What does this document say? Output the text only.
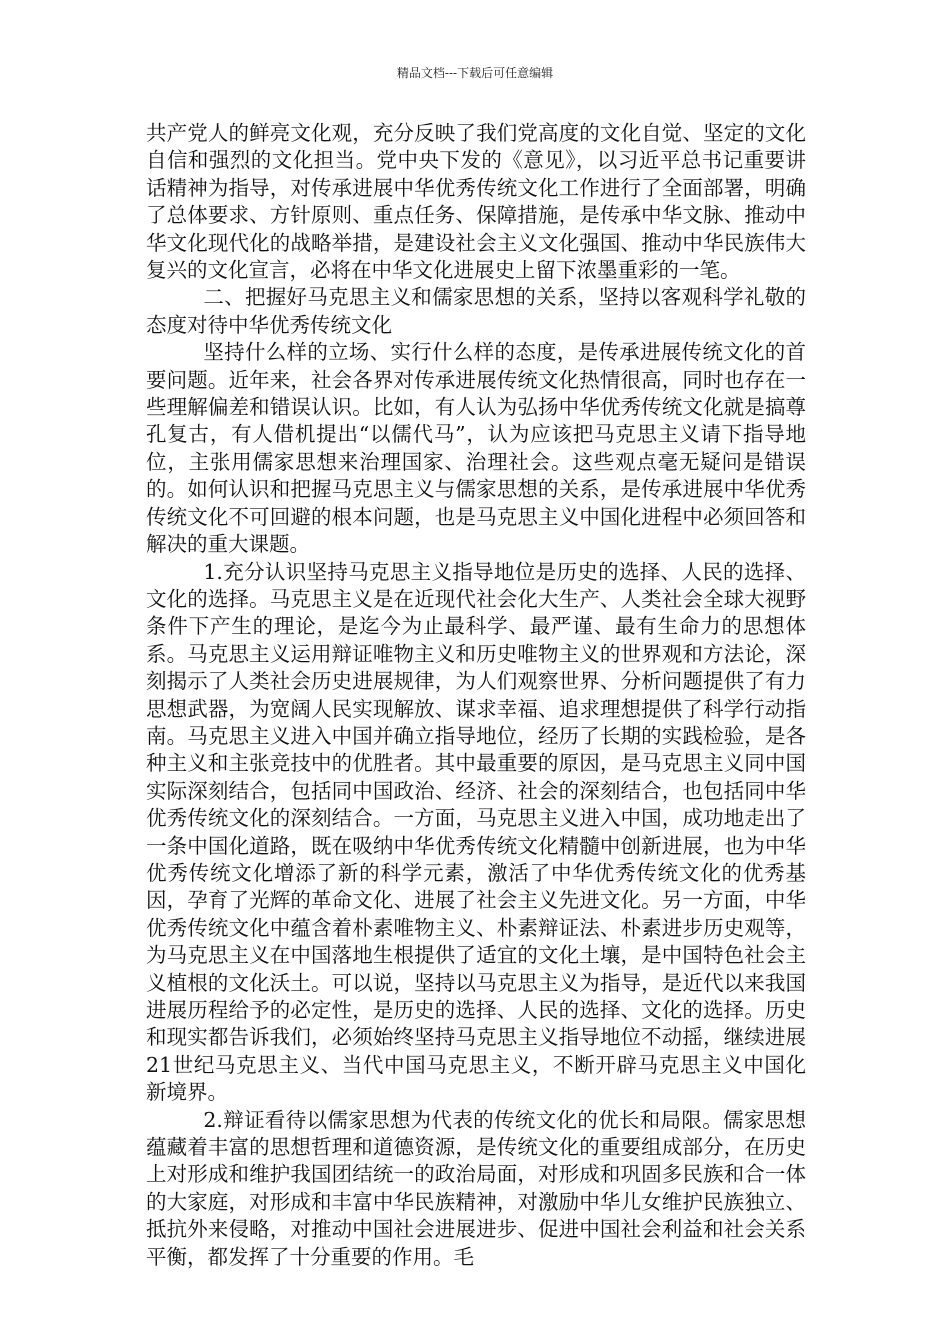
精品文档---下载后可任意编辑

共产党人的鲜亮文化观，充分反映了我们党高度的文化自觉、坚定的文化自信和强烈的文化担当。党中央下发的《意见》，以习近平总书记重要讲话精神为指导，对传承进展中华优秀传统文化工作进行了全面部署，明确了总体要求、方针原则、重点任务、保障措施，是传承中华文脉、推动中华文化现代化的战略举措，是建设社会主义文化强国、推动中华民族伟大复兴的文化宣言，必将在中华文化进展史上留下浓墨重彩的一笔。

二、把握好马克思主义和儒家思想的关系，坚持以客观科学礼敬的态度对待中华优秀传统文化

坚持什么样的立场、实行什么样的态度，是传承进展传统文化的首要问题。近年来，社会各界对传承进展传统文化热情很高，同时也存在一些理解偏差和错误认识。比如，有人认为弘扬中华优秀传统文化就是搞尊孔复古，有人借机提出“以儒代马”，认为应该把马克思主义请下指导地位，主张用儒家思想来治理国家、治理社会。这些观点毫无疑问是错误的。如何认识和把握马克思主义与儒家思想的关系，是传承进展中华优秀传统文化不可回避的根本问题，也是马克思主义中国化进程中必须回答和解决的重大课题。

1.充分认识坚持马克思主义指导地位是历史的选择、人民的选择、文化的选择。马克思主义是在近现代社会化大生产、人类社会全球大视野条件下产生的理论，是迄今为止最科学、最严谨、最有生命力的思想体系。马克思主义运用辩证唯物主义和历史唯物主义的世界观和方法论，深刻揭示了人类社会历史进展规律，为人们观察世界、分析问题提供了有力思想武器，为宽阔人民实现解放、谋求幸福、追求理想提供了科学行动指南。马克思主义进入中国并确立指导地位，经历了长期的实践检验，是各种主义和主张竞技中的优胜者。其中最重要的原因，是马克思主义同中国实际深刻结合，包括同中国政治、经济、社会的深刻结合，也包括同中华优秀传统文化的深刻结合。一方面，马克思主义进入中国，成功地走出了一条中国化道路，既在吸纳中华优秀传统文化精髓中创新进展，也为中华优秀传统文化增添了新的科学元素，激活了中华优秀传统文化的优秀基因，孕育了光辉的革命文化、进展了社会主义先进文化。另一方面，中华优秀传统文化中蕴含着朴素唯物主义、朴素辩证法、朴素进步历史观等，为马克思主义在中国落地生根提供了适宜的文化土壤，是中国特色社会主义植根的文化沃土。可以说，坚持以马克思主义为指导，是近代以来我国进展历程给予的必定性，是历史的选择、人民的选择、文化的选择。历史和现实都告诉我们，必须始终坚持马克思主义指导地位不动摇，继续进展21世纪马克思主义、当代中国马克思主义，不断开辟马克思主义中国化新境界。

2.辩证看待以儒家思想为代表的传统文化的优长和局限。儒家思想蕴藏着丰富的思想哲理和道德资源，是传统文化的重要组成部分，在历史上对形成和维护我国团结统一的政治局面，对形成和巩固多民族和合一体的大家庭，对形成和丰富中华民族精神，对激励中华儿女维护民族独立、抵抗外来侵略，对推动中国社会进展进步、促进中国社会利益和社会关系平衡，都发挥了十分重要的作用。毛
